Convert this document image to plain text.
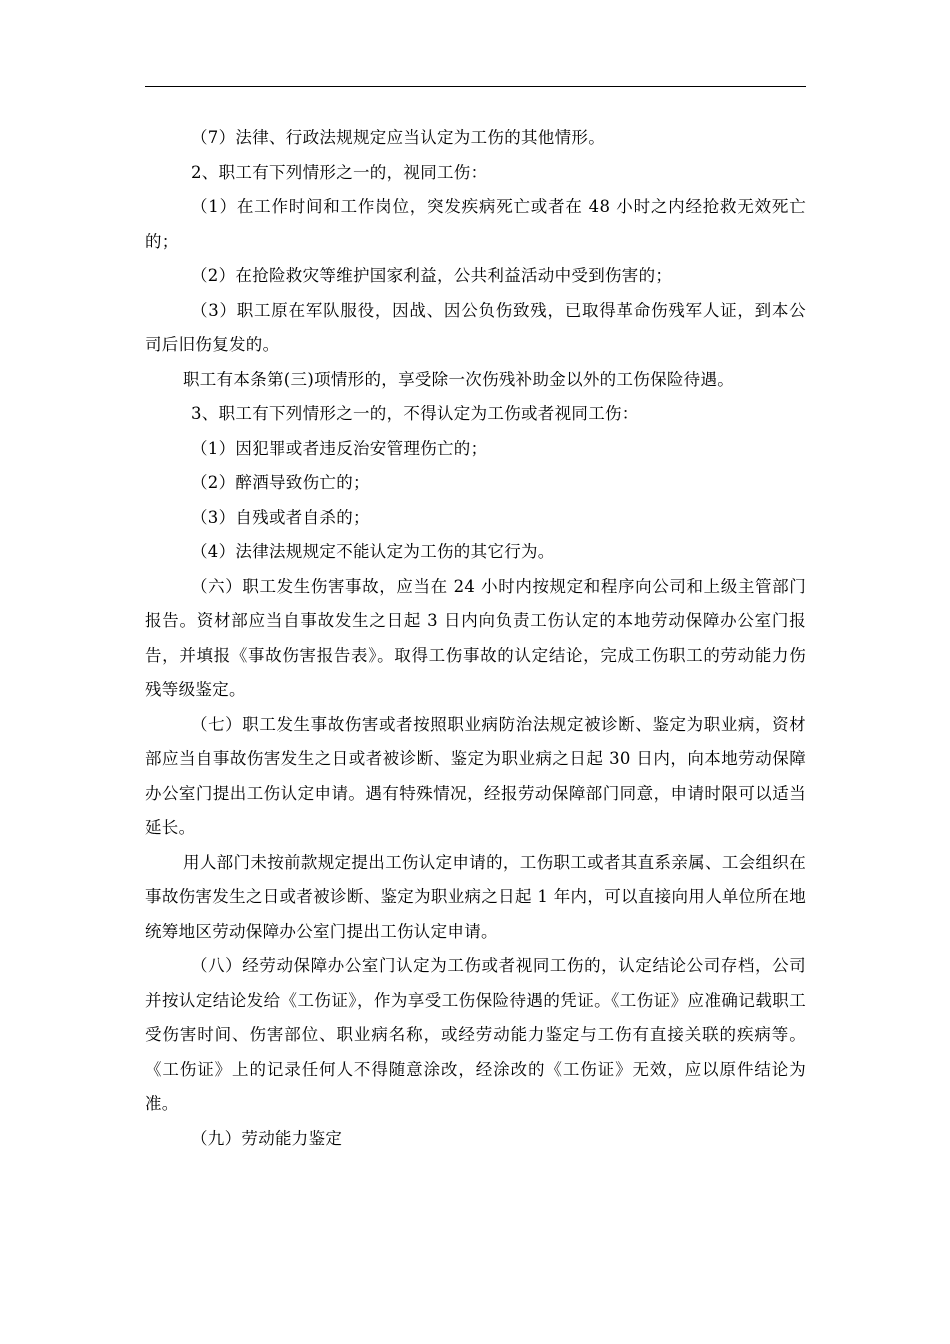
（7）法律、行政法规规定应当认定为工伤的其他情形。

2、职工有下列情形之一的，视同工伤：

（1）在工作时间和工作岗位，突发疾病死亡或者在 48 小时之内经抢救无效死亡的；

（2）在抢险救灾等维护国家利益，公共利益活动中受到伤害的；

（3）职工原在军队服役，因战、因公负伤致残，已取得革命伤残军人证，到本公司后旧伤复发的。

职工有本条第(三)项情形的，享受除一次伤残补助金以外的工伤保险待遇。

3、职工有下列情形之一的，不得认定为工伤或者视同工伤：

（1）因犯罪或者违反治安管理伤亡的；

（2）醉酒导致伤亡的；

（3）自残或者自杀的；

（4）法律法规规定不能认定为工伤的其它行为。

（六）职工发生伤害事故，应当在 24 小时内按规定和程序向公司和上级主管部门报告。资材部应当自事故发生之日起 3 日内向负责工伤认定的本地劳动保障办公室门报告，并填报《事故伤害报告表》。取得工伤事故的认定结论，完成工伤职工的劳动能力伤残等级鉴定。

（七）职工发生事故伤害或者按照职业病防治法规定被诊断、鉴定为职业病，资材部应当自事故伤害发生之日或者被诊断、鉴定为职业病之日起 30 日内，向本地劳动保障办公室门提出工伤认定申请。遇有特殊情况，经报劳动保障部门同意，申请时限可以适当延长。

用人部门未按前款规定提出工伤认定申请的，工伤职工或者其直系亲属、工会组织在事故伤害发生之日或者被诊断、鉴定为职业病之日起 1 年内，可以直接向用人单位所在地统筹地区劳动保障办公室门提出工伤认定申请。

（八）经劳动保障办公室门认定为工伤或者视同工伤的，认定结论公司存档，公司并按认定结论发给《工伤证》，作为享受工伤保险待遇的凭证。《工伤证》应准确记载职工受伤害时间、伤害部位、职业病名称，或经劳动能力鉴定与工伤有直接关联的疾病等。《工伤证》上的记录任何人不得随意涂改，经涂改的《工伤证》无效，应以原件结论为准。

（九）劳动能力鉴定
